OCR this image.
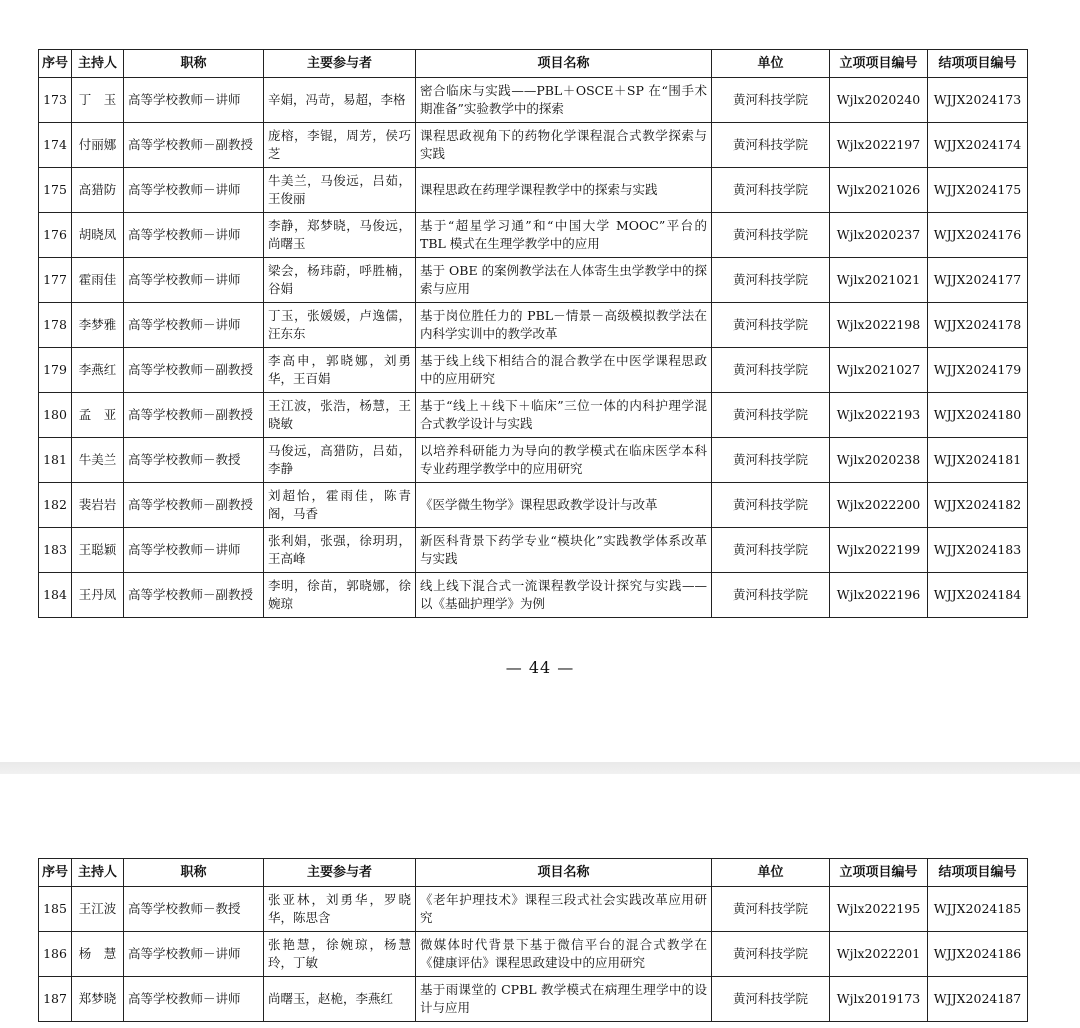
序号	主持人	职称	主要参与者	项目名称	单位	立项项目编号	结项项目编号
173	丁　玉	高等学校教师－讲师	辛娟，冯苛，易超，李格	密合临床与实践——PBL＋OSCE＋SP 在“围手术期准备”实验教学中的探索	黄河科技学院	Wjlx2020240	WJJX2024173
174	付丽娜	高等学校教师－副教授	庞榕，李锟，周芳，侯巧芝	课程思政视角下的药物化学课程混合式教学探索与实践	黄河科技学院	Wjlx2022197	WJJX2024174
175	高猎防	高等学校教师－讲师	牛美兰，马俊远，吕茹，王俊丽	课程思政在药理学课程教学中的探索与实践	黄河科技学院	Wjlx2021026	WJJX2024175
176	胡晓凤	高等学校教师－讲师	李静，郑梦晓，马俊远，尚曙玉	基于“超星学习通”和“中国大学 MOOC”平台的 TBL 模式在生理学教学中的应用	黄河科技学院	Wjlx2020237	WJJX2024176
177	霍雨佳	高等学校教师－讲师	梁会，杨玮蔚，呼胜楠，谷娟	基于 OBE 的案例教学法在人体寄生虫学教学中的探索与应用	黄河科技学院	Wjlx2021021	WJJX2024177
178	李梦雅	高等学校教师－讲师	丁玉，张媛媛，卢逸儒，汪东东	基于岗位胜任力的 PBL－情景－高级模拟教学法在内科学实训中的教学改革	黄河科技学院	Wjlx2022198	WJJX2024178
179	李燕红	高等学校教师－副教授	李高申，郭晓娜，刘勇华，王百娟	基于线上线下相结合的混合教学在中医学课程思政中的应用研究	黄河科技学院	Wjlx2021027	WJJX2024179
180	孟　亚	高等学校教师－副教授	王江波，张浩，杨慧，王晓敏	基于“线上＋线下＋临床”三位一体的内科护理学混合式教学设计与实践	黄河科技学院	Wjlx2022193	WJJX2024180
181	牛美兰	高等学校教师－教授	马俊远，高猎防，吕茹，李静	以培养科研能力为导向的教学模式在临床医学本科专业药理学教学中的应用研究	黄河科技学院	Wjlx2020238	WJJX2024181
182	裴岩岩	高等学校教师－副教授	刘超怡，霍雨佳，陈青阁，马香	《医学微生物学》课程思政教学设计与改革	黄河科技学院	Wjlx2022200	WJJX2024182
183	王聪颖	高等学校教师－讲师	张利娟，张强，徐玥玥，王高峰	新医科背景下药学专业“模块化”实践教学体系改革与实践	黄河科技学院	Wjlx2022199	WJJX2024183
184	王丹凤	高等学校教师－副教授	李明，徐苗，郭晓娜，徐婉琼	线上线下混合式一流课程教学设计探究与实践——以《基础护理学》为例	黄河科技学院	Wjlx2022196	WJJX2024184
— 44 —
序号	主持人	职称	主要参与者	项目名称	单位	立项项目编号	结项项目编号
185	王江波	高等学校教师－教授	张亚林，刘勇华，罗晓华，陈思含	《老年护理技术》课程三段式社会实践改革应用研究	黄河科技学院	Wjlx2022195	WJJX2024185
186	杨　慧	高等学校教师－讲师	张艳慧，徐婉琼，杨慧玲，丁敏	微媒体时代背景下基于微信平台的混合式教学在《健康评估》课程思政建设中的应用研究	黄河科技学院	Wjlx2022201	WJJX2024186
187	郑梦晓	高等学校教师－讲师	尚曙玉，赵桅，李燕红	基于雨课堂的 CPBL 教学模式在病理生理学中的设计与应用	黄河科技学院	Wjlx2019173	WJJX2024187
